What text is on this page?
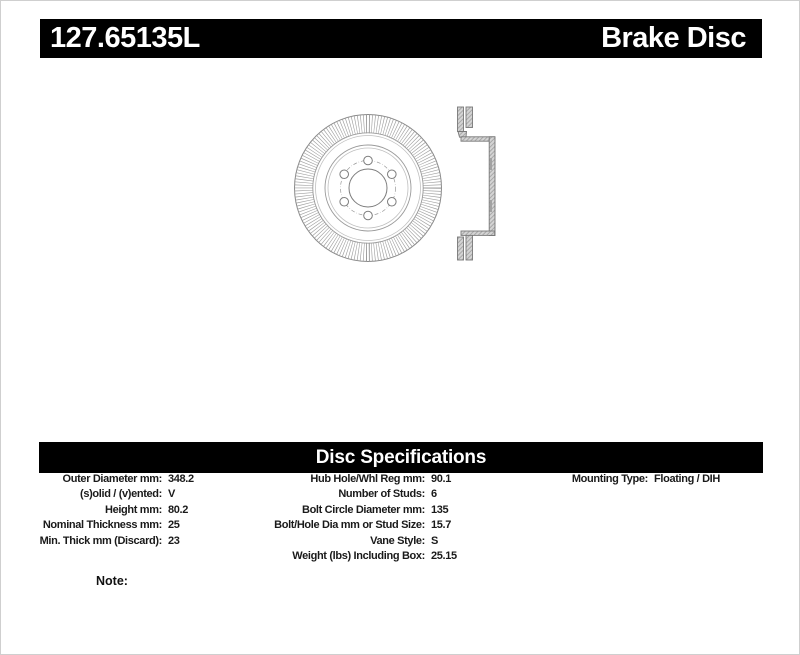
127.65135L	Brake Disc
Disc Specifications
Outer Diameter mm: 348.2
(s)olid / (v)ented: V
Height mm: 80.2
Nominal Thickness mm: 25
Min. Thick mm (Discard): 23
Hub Hole/Whl Reg mm: 90.1
Number of Studs: 6
Bolt Circle Diameter mm: 135
Bolt/Hole Dia mm or Stud Size: 15.7
Vane Style: S
Weight (lbs) Including Box: 25.15
Mounting Type: Floating / DIH
Note:
